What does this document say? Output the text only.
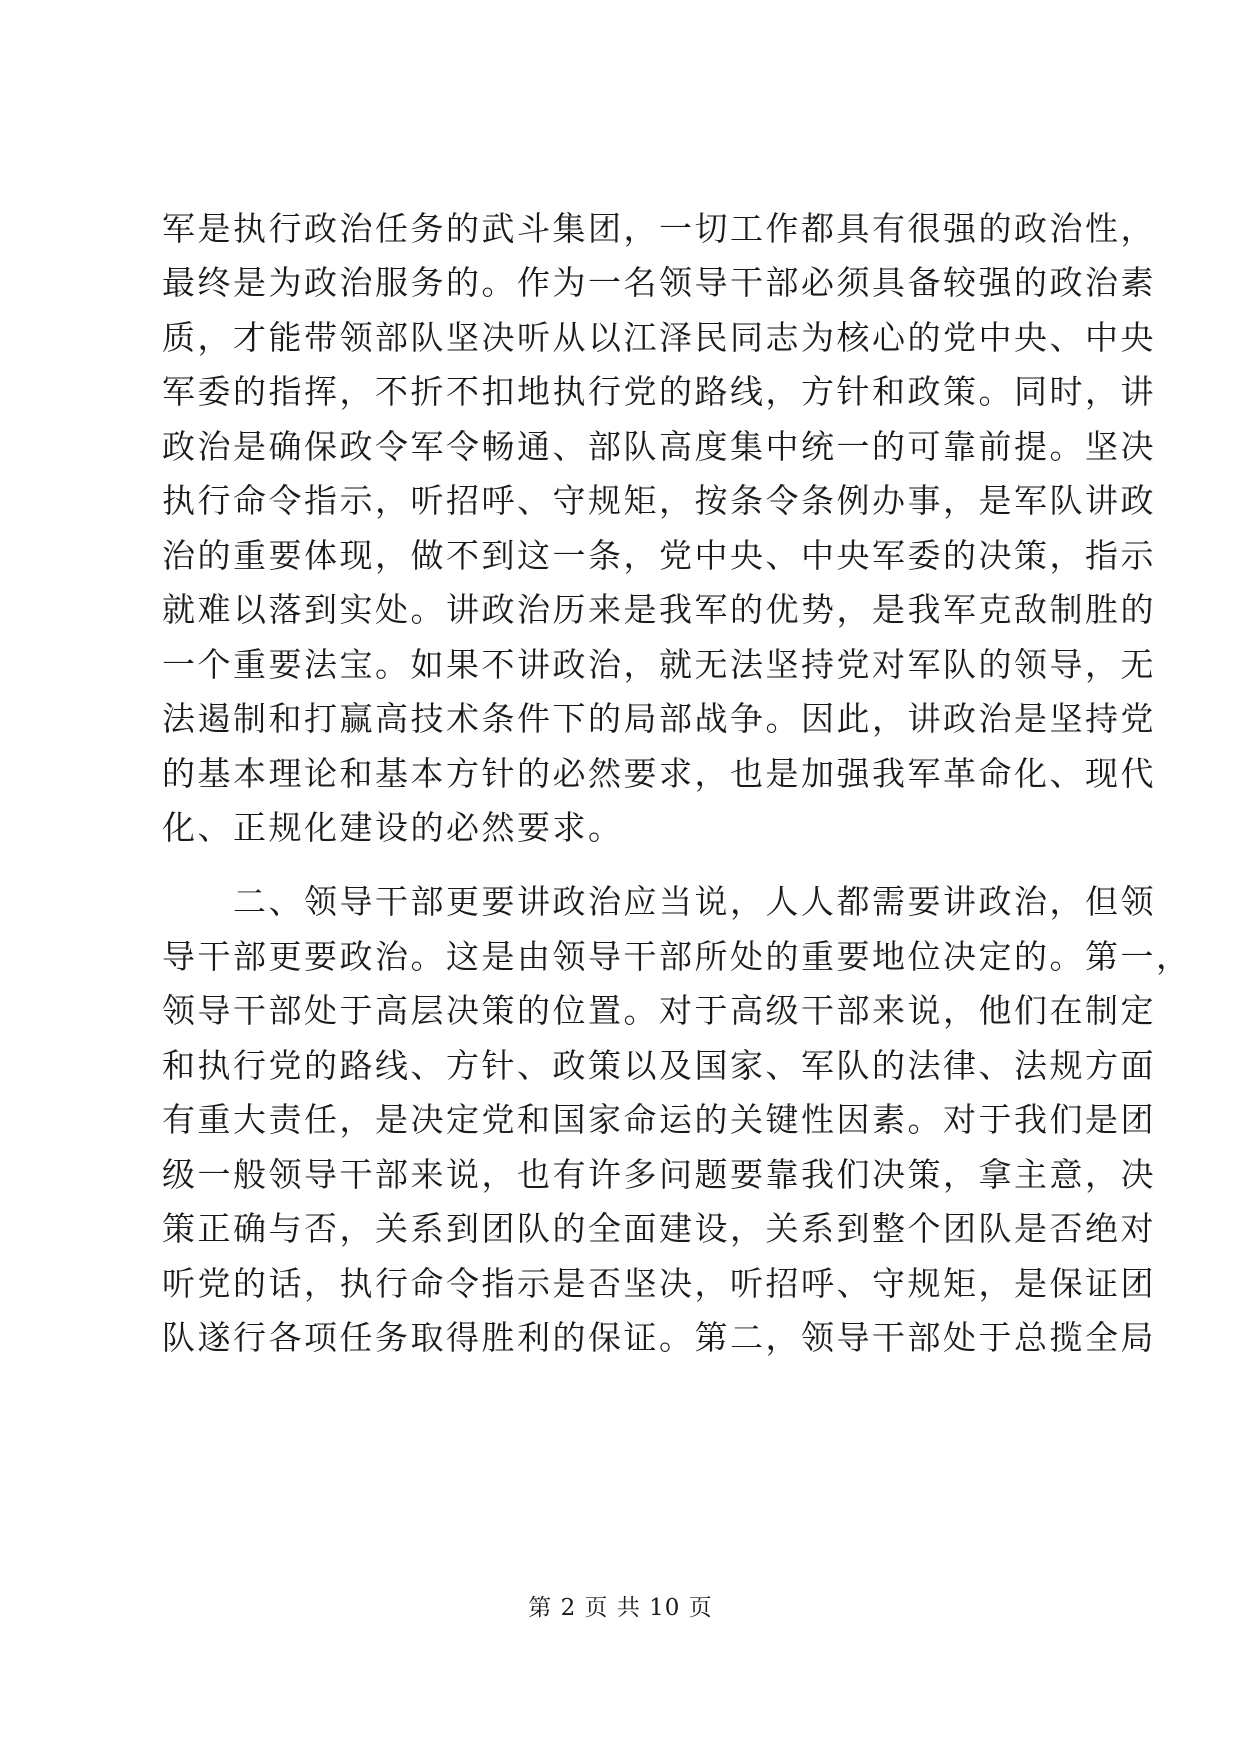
军是执行政治任务的武斗集团，一切工作都具有很强的政治性，
最终是为政治服务的。作为一名领导干部必须具备较强的政治素
质，才能带领部队坚决听从以江泽民同志为核心的党中央、中央
军委的指挥，不折不扣地执行党的路线，方针和政策。同时，讲
政治是确保政令军令畅通、部队高度集中统一的可靠前提。坚决
执行命令指示，听招呼、守规矩，按条令条例办事，是军队讲政
治的重要体现，做不到这一条，党中央、中央军委的决策，指示
就难以落到实处。讲政治历来是我军的优势，是我军克敌制胜的
一个重要法宝。如果不讲政治，就无法坚持党对军队的领导，无
法遏制和打赢高技术条件下的局部战争。因此，讲政治是坚持党
的基本理论和基本方针的必然要求，也是加强我军革命化、现代
化、正规化建设的必然要求。
　　二、领导干部更要讲政治应当说，人人都需要讲政治，但领
导干部更要政治。这是由领导干部所处的重要地位决定的。第一，
领导干部处于高层决策的位置。对于高级干部来说，他们在制定
和执行党的路线、方针、政策以及国家、军队的法律、法规方面
有重大责任，是决定党和国家命运的关键性因素。对于我们是团
级一般领导干部来说，也有许多问题要靠我们决策，拿主意，决
策正确与否，关系到团队的全面建设，关系到整个团队是否绝对
听党的话，执行命令指示是否坚决，听招呼、守规矩，是保证团
队遂行各项任务取得胜利的保证。第二，领导干部处于总揽全局
第 2 页 共 10 页
